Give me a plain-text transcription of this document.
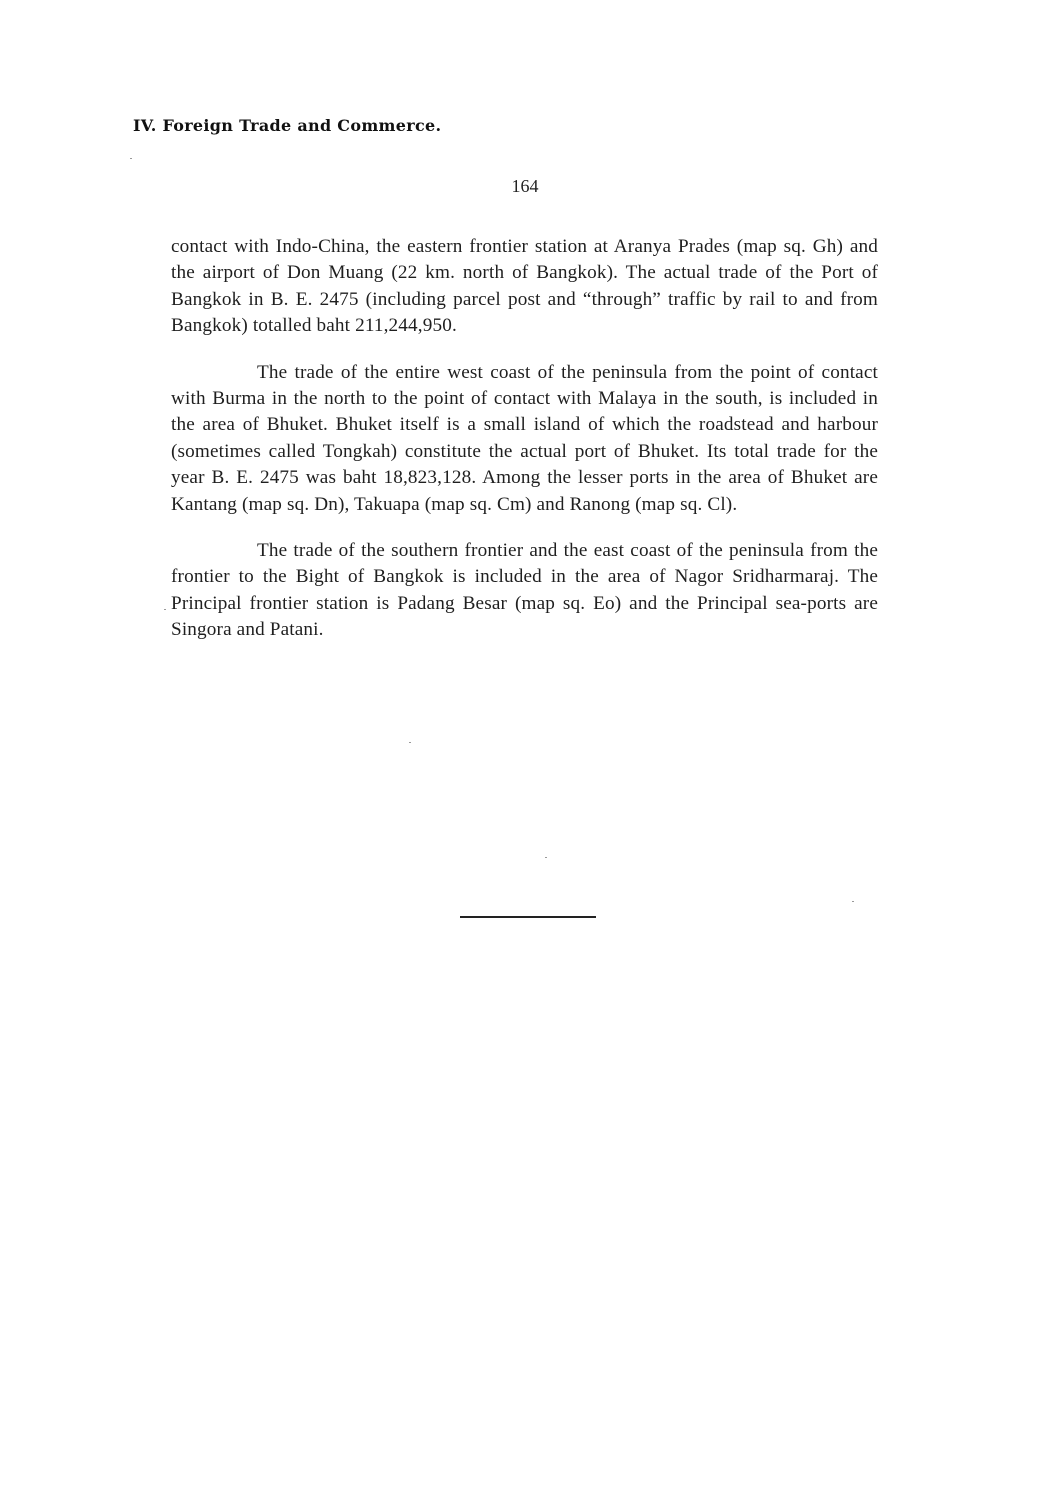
IV. Foreign Trade and Commerce.
164

contact with Indo-China, the eastern frontier station at Aranya Prades (map sq. Gh) and the airport of Don Muang (22 km. north of Bangkok). The actual trade of the Port of Bangkok in B. E. 2475 (including parcel post and “through” traffic by rail to and from Bangkok) totalled baht 211,244,950.

The trade of the entire west coast of the peninsula from the point of contact with Burma in the north to the point of contact with Malaya in the south, is included in the area of Bhuket. Bhuket itself is a small island of which the roadstead and harbour (sometimes called Tongkah) constitute the actual port of Bhuket. Its total trade for the year B. E. 2475 was baht 18,823,128. Among the lesser ports in the area of Bhuket are Kantang (map sq. Dn), Takuapa (map sq. Cm) and Ranong (map sq. Cl).

The trade of the southern frontier and the east coast of the peninsula from the frontier to the Bight of Bangkok is included in the area of Nagor Sridharmaraj. The Principal frontier station is Padang Besar (map sq. Eo) and the Principal sea-ports are Singora and Patani.
